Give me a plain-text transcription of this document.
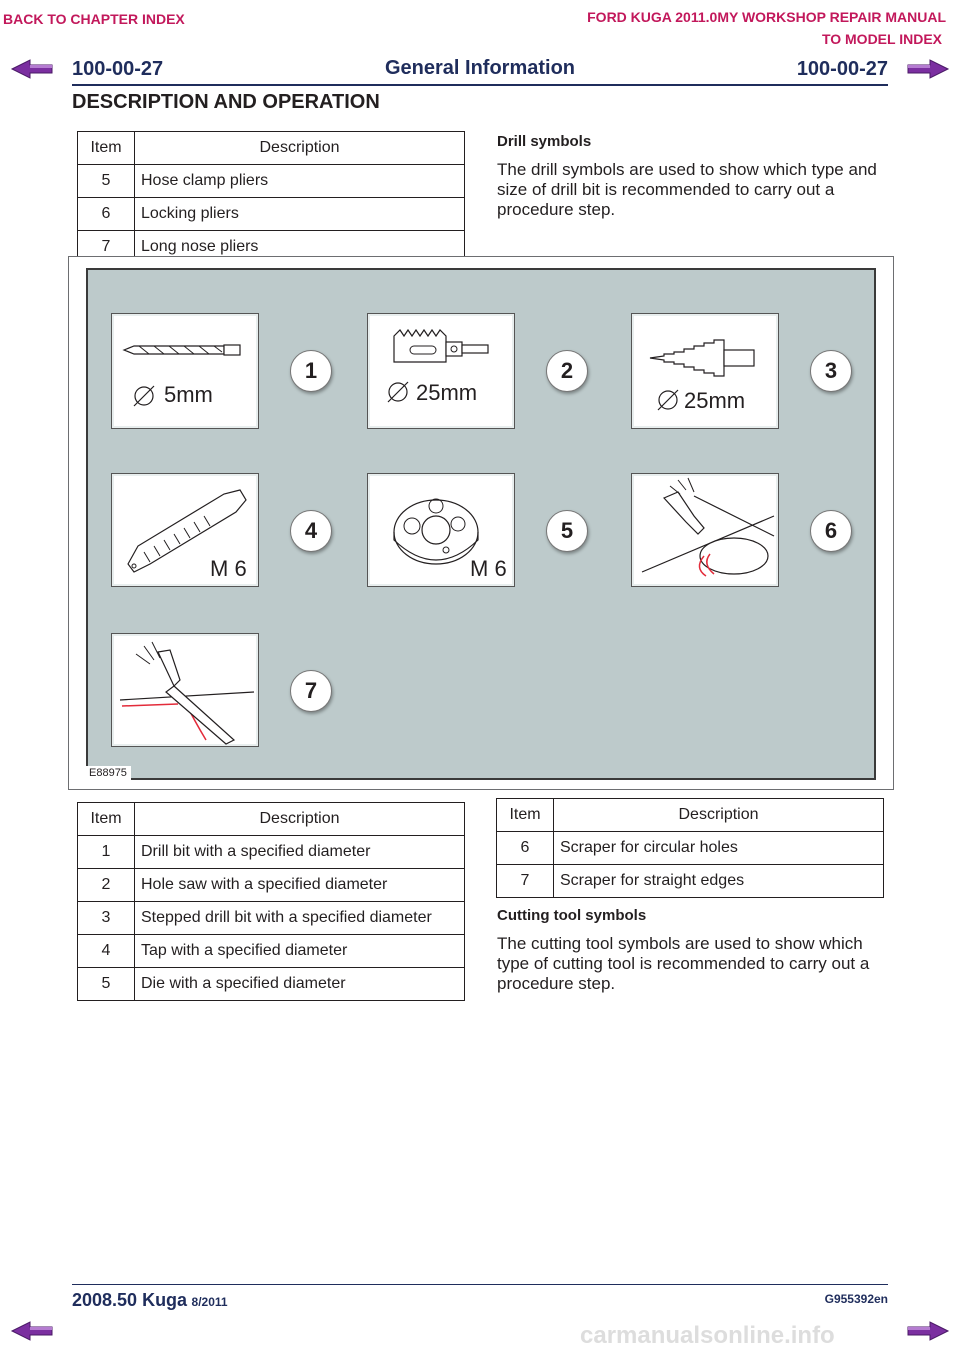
BACK TO CHAPTER INDEX	FORD KUGA 2011.0MY WORKSHOP REPAIR MANUAL
TO MODEL INDEX
100-00-27	General Information	100-00-27
DESCRIPTION AND OPERATION
Item	Description
5	Hose clamp pliers
6	Locking pliers
7	Long nose pliers
Drill symbols
The drill symbols are used to show which type and size of drill bit is recommended to carry out a procedure step.
E88975
5mm
1
25mm
2
25mm
3
M 6
4
M 6
5	6
7
Item	Description
1	Drill bit with a specified diameter
2	Hole saw with a specified diameter
3	Stepped drill bit with a specified diameter
4	Tap with a specified diameter
5	Die with a specified diameter
Item	Description
6	Scraper for circular holes
7	Scraper for straight edges
Cutting tool symbols
The cutting tool symbols are used to show which type of cutting tool is recommended to carry out a procedure step.
2008.50 Kuga 8/2011	G955392en
carmanualsonline.info
